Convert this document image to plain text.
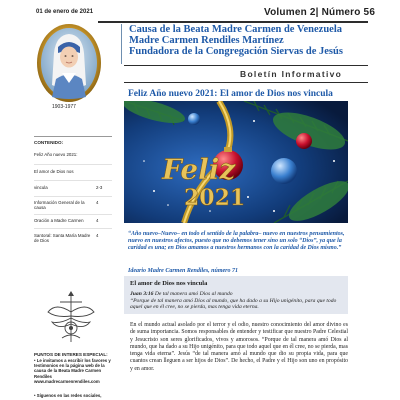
01 de enero de 2021	Volumen 2| Número 56
Causa de la Beata Madre Carmen de Venezuela
Madre Carmen Rendiles Martínez
Fundadora de la Congregación Siervas de Jesús
1903-1977
Boletín Informativo
Feliz Año nuevo 2021: El amor de Dios nos vincula
Feliz
2021
“Año nuevo–Nuevo– en todo el sentido de la palabra– nuevo en nuestros pensamientos, nuevo en nuestros afectos, puesto que no debemos tener sino un solo “Dios”, ya que la caridad es una; en Dios amamos a nuestros hermanos con la caridad de Dios mismo.”
Ideario Madre Carmen Rendiles, número 71
El amor de Dios nos vincula
Juan 3:16 De tal manera amó Dios al mundo
“Porque de tal manera amó Dios al mundo, que ha dado a su Hijo unigénito, para que todo aquel que en él cree, no se pierda, mas tenga vida eterna.
En el mundo actual asolado por el terror y el odio, nuestro conocimiento del amor divino es de suma importancia. Somos responsables de entender y testificar que nuestro Padre Celestial y Jesucristo son seres glorificados, vivos y amorosos. “Porque de tal manera amó Dios al mundo, que ha dado a su Hijo unigénito, para que todo aquel que en él cree, no se pierda, mas tenga vida eterna”. Jesús “de tal manera amó al mundo que dio su propia vida, para que cuantos crean lleguen a ser hijos de Dios”. De hecho, el Padre y el Hijo son uno en propósito y en amor.
CONTENIDO:
Feliz Año nuevo 2021:
El amor de Dios nos
vincula	2-3
Información General de la causa
4
Oración a Madre Carmen	4
Santoral: Santa María Madre de Dios
4
PUNTOS DE INTERES ESPECIAL:
• Le invitamos a escribir los favores y testimonios en la página web de la causa de la Beata Madre Carmen Rendiles www.madrecarmenrendiles.com
• Síguenos en las redes sociales,
